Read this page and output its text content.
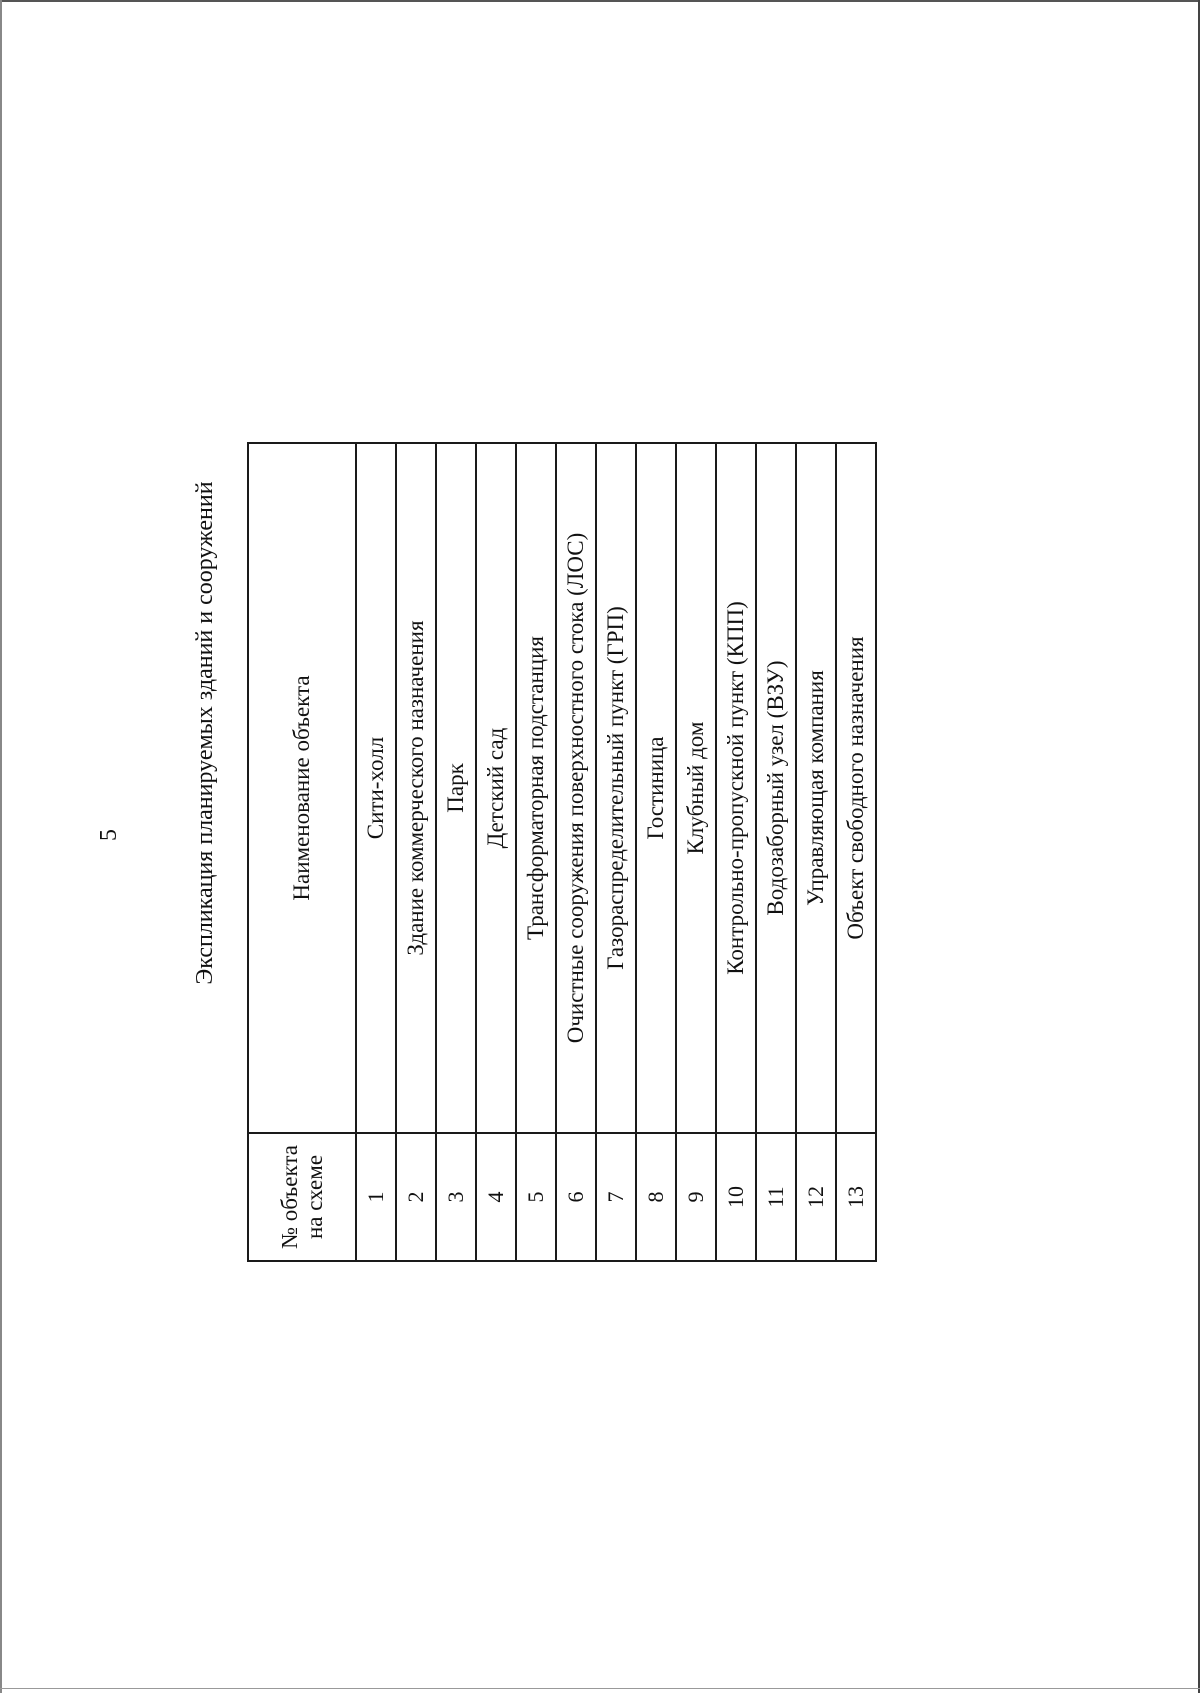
5	Экспликация планируемых зданий и сооружений
№ объекта на схеме	Наименование объекта
1	Сити-холл
2	Здание коммерческого назначения
3	Парк
4	Детский сад
5	Трансформаторная подстанция
6	Очистные сооружения поверхностного стока (ЛОС)
7	Газораспределительный пункт (ГРП)
8	Гостиница
9	Клубный дом
10	Контрольно-пропускной пункт (КПП)
11	Водозаборный узел (ВЗУ)
12	Управляющая компания
13	Объект свободного назначения
